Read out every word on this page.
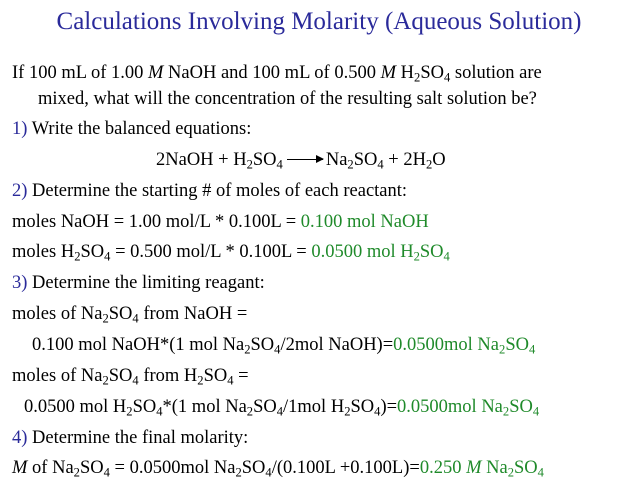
Calculations Involving Molarity (Aqueous Solution)
If 100 mL of 1.00 M NaOH and 100 mL of 0.500 M $H_2SO_4$ solution are
mixed, what will the concentration of the resulting salt solution be?
1) Write the balanced equations:
2NaOH + $H_2SO_4 \to Na_2SO_4 + 2H_2O$
2) Determine the starting # of moles of each reactant:
moles NaOH = 1.00 mol/L * 0.100L = 0.100 mol NaOH
moles $H_2SO_4 = 0.500$ mol/L * 0.100L = 0.0500 mol $H_2SO_4$
3) Determine the limiting reagant:
moles of $Na_2SO_4$ from NaOH =
0.100 mol NaOH*(1 mol $Na_2SO_4/2mol$ NaOH)=0.0500mol $Na_2SO_4$
moles of $Na_2SO_4$ from $H_2SO_4$ =
0.0500 mol $H_2SO_4*(1$ mol $Na_2SO_4/1mol$ $H_2SO_4)=0.0500mol$ $Na_2SO_4$
4) Determine the final molarity:
M of $Na_2SO_4 = 0.0500mol$ $Na_2SO_4/(0.100L +0.100L)=0.250$ M $Na_2SO_4$
